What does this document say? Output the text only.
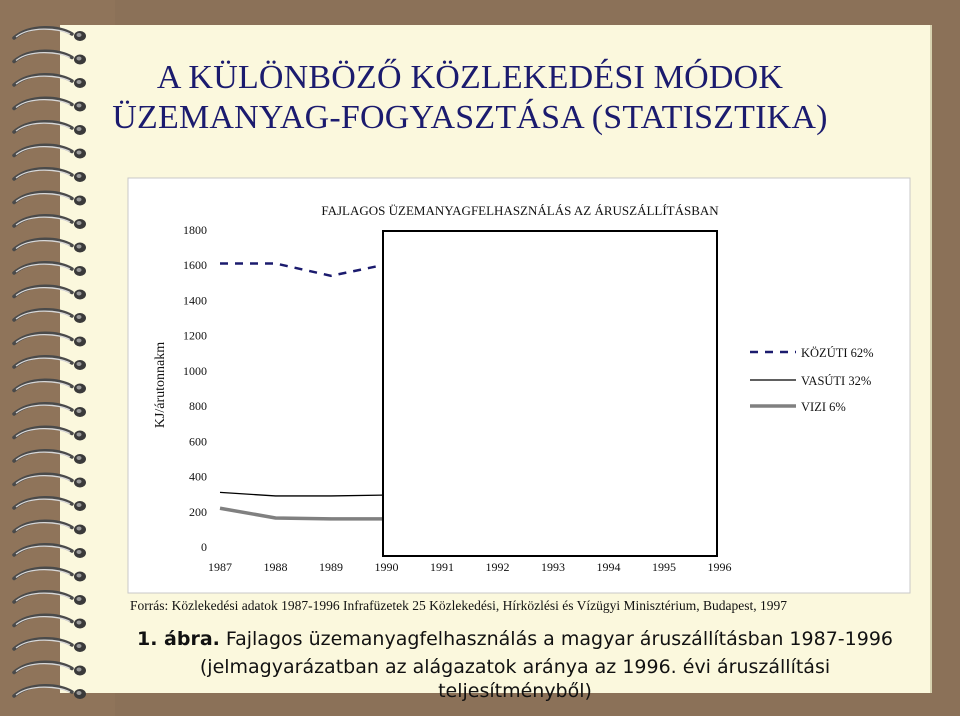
A KÜLÖNBÖZŐ KÖZLEKEDÉSI MÓDOK
ÜZEMANYAG-FOGYASZTÁSA (STATISZTIKA)
FAJLAGOS ÜZEMANYAGFELHASZNÁLÁS AZ ÁRUSZÁLLÍTÁSBAN
KJ/árutonnakm
0
200
400
600
800
1000
1200
1400
1600
1800
1987	1988	1989	1990	1991	1992	1993	1994	1995	1996
KÖZÚTI 62%
VASÚTI 32%
VIZI 6%
Forrás: Közlekedési adatok 1987-1996 Infrafüzetek 25 Közlekedési, Hírközlési és Vízügyi Minisztérium, Budapest, 1997
1. ábra. Fajlagos üzemanyagfelhasználás a magyar áruszállításban 1987-1996
(jelmagyarázatban az alágazatok aránya az 1996. évi áruszállítási teljesítményből)
